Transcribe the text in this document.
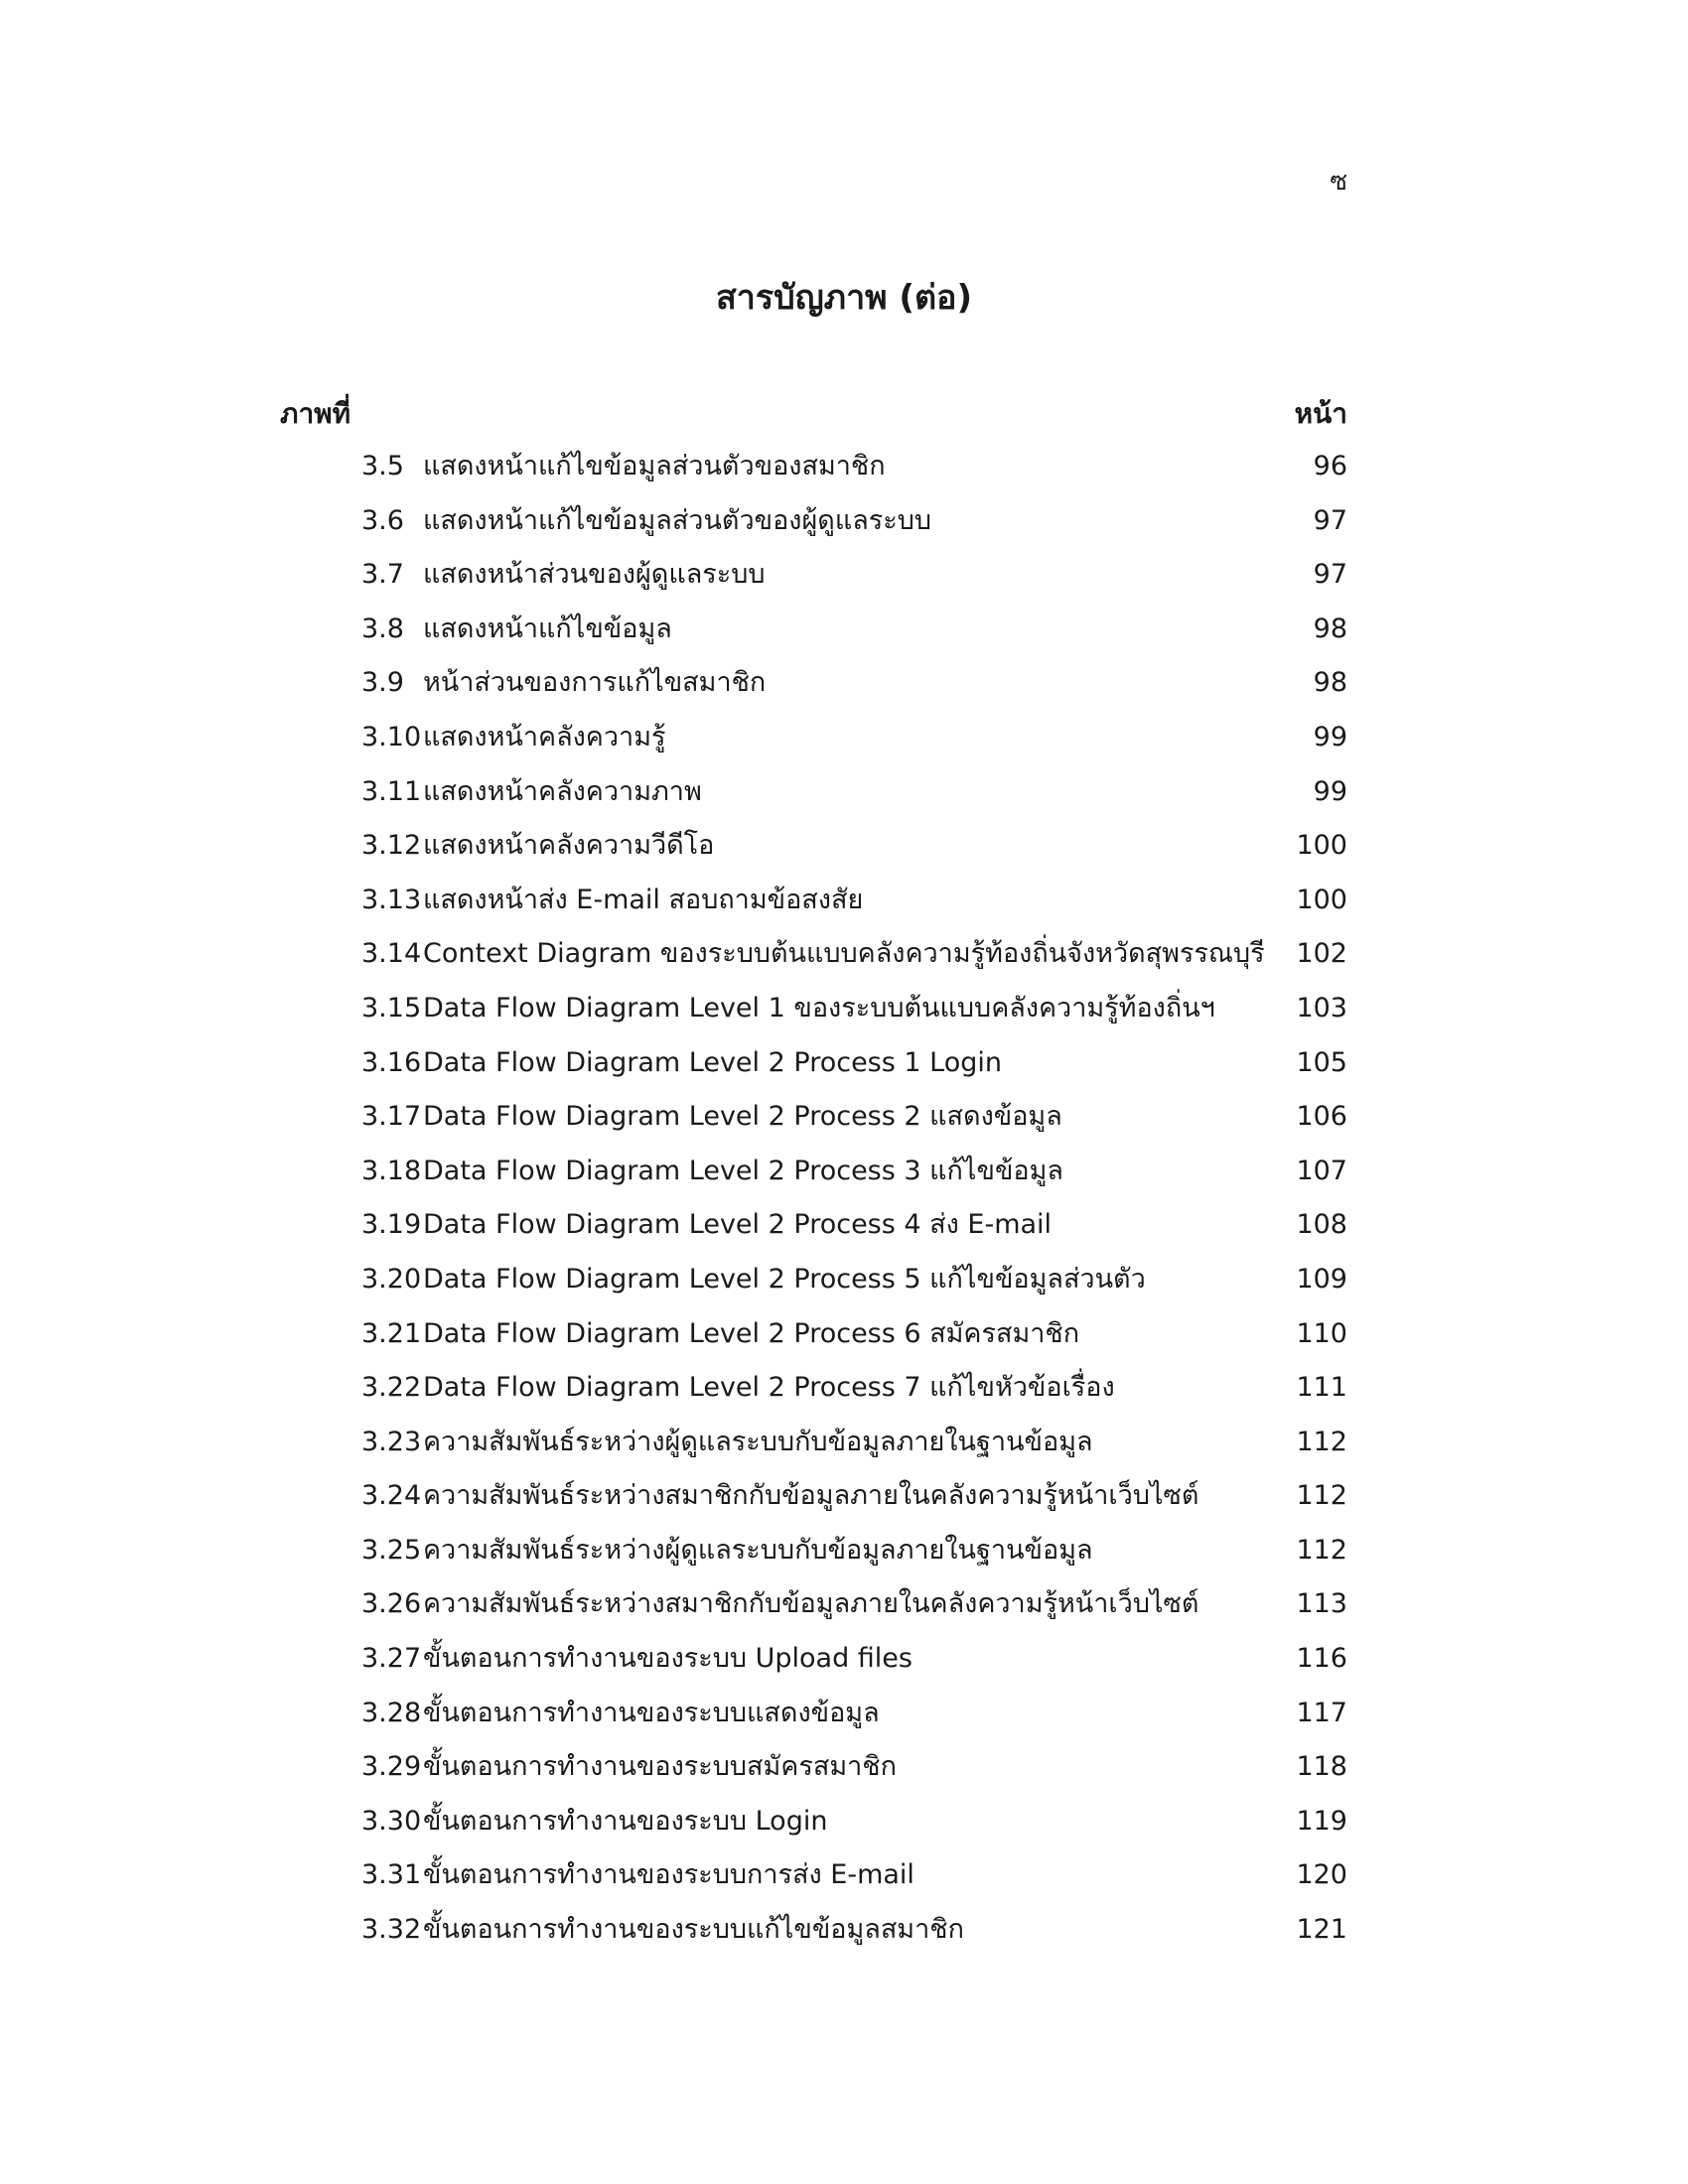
ซ
สารบัญภาพ (ต่อ)
ภาพที่	หน้า
3.5 แสดงหน้าแก้ไขข้อมูลส่วนตัวของสมาชิก	96
3.6 แสดงหน้าแก้ไขข้อมูลส่วนตัวของผู้ดูแลระบบ	97
3.7 แสดงหน้าส่วนของผู้ดูแลระบบ	97
3.8 แสดงหน้าแก้ไขข้อมูล	98
3.9 หน้าส่วนของการแก้ไขสมาชิก	98
3.10แสดงหน้าคลังความรู้	99
3.11แสดงหน้าคลังความภาพ	99
3.12แสดงหน้าคลังความวีดีโอ	100
3.13แสดงหน้าส่ง E-mail สอบถามข้อสงสัย	100
3.14Context Diagram ของระบบต้นแบบคลังความรู้ท้องถิ่นจังหวัดสุพรรณบุรี 102
3.15Data Flow Diagram Level 1 ของระบบต้นแบบคลังความรู้ท้องถิ่นฯ	103
3.16Data Flow Diagram Level 2 Process 1 Login	105
3.17Data Flow Diagram Level 2 Process 2 แสดงข้อมูล	106
3.18Data Flow Diagram Level 2 Process 3 แก้ไขข้อมูล	107
3.19Data Flow Diagram Level 2 Process 4 ส่ง E-mail	108
3.20Data Flow Diagram Level 2 Process 5 แก้ไขข้อมูลส่วนตัว	109
3.21Data Flow Diagram Level 2 Process 6 สมัครสมาชิก	110
3.22Data Flow Diagram Level 2 Process 7 แก้ไขหัวข้อเรื่อง	111
3.23ความสัมพันธ์ระหว่างผู้ดูแลระบบกับข้อมูลภายในฐานข้อมูล	112
3.24ความสัมพันธ์ระหว่างสมาชิกกับข้อมูลภายในคลังความรู้หน้าเว็บไซต์	112
3.25ความสัมพันธ์ระหว่างผู้ดูแลระบบกับข้อมูลภายในฐานข้อมูล	112
3.26ความสัมพันธ์ระหว่างสมาชิกกับข้อมูลภายในคลังความรู้หน้าเว็บไซต์	113
3.27ขั้นตอนการทำงานของระบบ Upload files	116
3.28ขั้นตอนการทำงานของระบบแสดงข้อมูล	117
3.29ขั้นตอนการทำงานของระบบสมัครสมาชิก	118
3.30ขั้นตอนการทำงานของระบบ Login	119
3.31ขั้นตอนการทำงานของระบบการส่ง E-mail	120
3.32ขั้นตอนการทำงานของระบบแก้ไขข้อมูลสมาชิก	121
